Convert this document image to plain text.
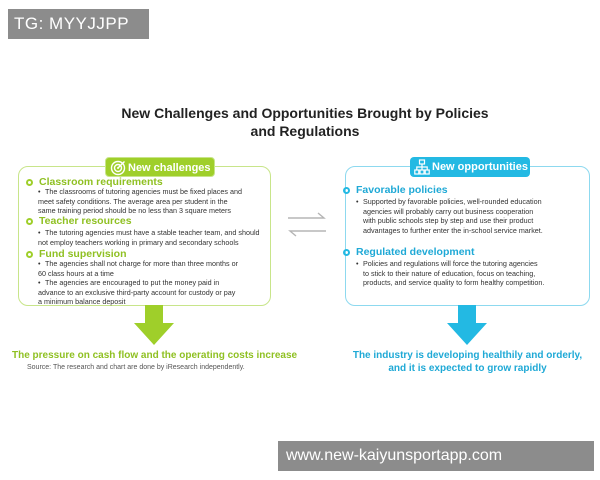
TG: MYYJJPP
New Challenges and Opportunities Brought by Policies
and Regulations
New challenges
Classroom requirements
• The classrooms of tutoring agencies must be fixed places and
meet safety conditions. The average area per student in the
same training period should be no less than 3 square meters
Teacher resources
• The tutoring agencies must have a stable teacher team, and should
not employ teachers working in primary and secondary schools
Fund supervision
• The agencies shall not charge for more than three months or
60 class hours at a time
• The agencies are encouraged to put the money paid in
advance to an exclusive third-party account for custody or pay
a minimum balance deposit
New opportunities
Favorable policies
• Supported by favorable policies, well-rounded education
agencies will probably carry out business cooperation
with public schools step by step and use their product
advantages to further enter the in-school service market.
Regulated development
• Policies and regulations will force the tutoring agencies
to stick to their nature of education, focus on teaching,
products, and service quality to form healthy competition.
The pressure on cash flow and the operating costs increase	The industry is developing healthily and orderly,
and it is expected to grow rapidly
Source: The research and chart are done by iResearch independently.
www.new-kaiyunsportapp.com
